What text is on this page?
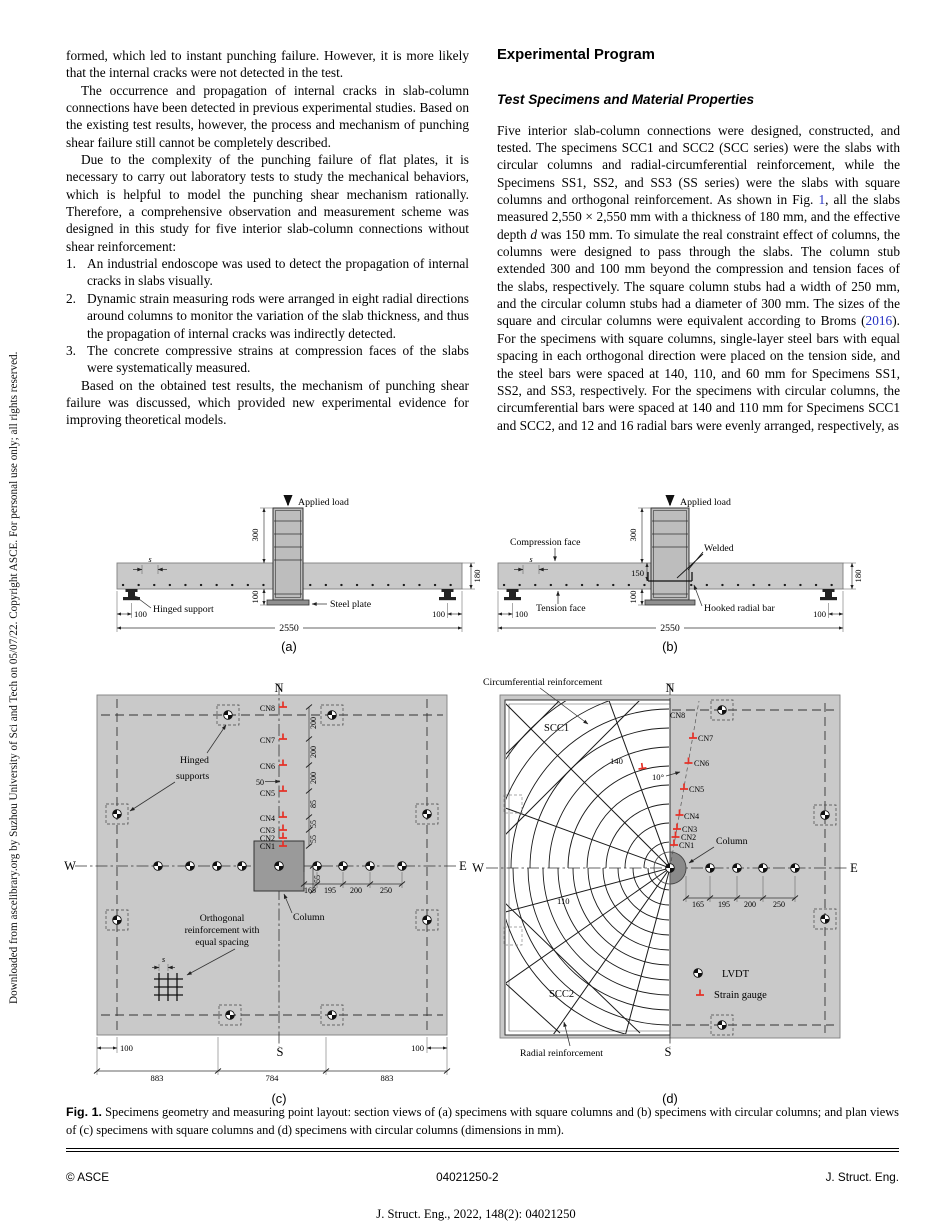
Downloaded from ascelibrary.org by Suzhou University of Sci and Tech on 05/07/22. Copyright ASCE. For personal use only; all rights reserved.

formed, which led to instant punching failure. However, it is more likely that the internal cracks were not detected in the test.

The occurrence and propagation of internal cracks in slab-column connections have been detected in previous experimental studies. Based on the existing test results, however, the process and mechanism of punching shear failure still cannot be completely described.

Due to the complexity of the punching failure of flat plates, it is necessary to carry out laboratory tests to study the mechanical behaviors, which is helpful to model the punching shear mechanism rationally. Therefore, a comprehensive observation and measurement scheme was designed in this study for five interior slab-column connections without shear reinforcement:

1. An industrial endoscope was used to detect the propagation of internal cracks in slabs visually.
2. Dynamic strain measuring rods were arranged in eight radial directions around columns to monitor the variation of the slab thickness, and thus the propagation of internal cracks was indirectly detected.
3. The concrete compressive strains at compression faces of the slabs were systematically measured.

Based on the obtained test results, the mechanism of punching shear failure was discussed, which provided new experimental evidence for improving theoretical models.

Experimental Program

Test Specimens and Material Properties

Five interior slab-column connections were designed, constructed, and tested. The specimens SCC1 and SCC2 (SCC series) were the slabs with circular columns and radial-circumferential reinforcement, while the Specimens SS1, SS2, and SS3 (SS series) were the slabs with square columns and orthogonal reinforcement. As shown in Fig. 1, all the slabs measured 2,550 × 2,550 mm with a thickness of 180 mm, and the effective depth d was 150 mm. To simulate the real constraint effect of columns, the columns were designed to pass through the slabs. The column stub extended 300 and 100 mm beyond the compression and tension faces of the slabs, respectively. The square column stubs had a width of 250 mm, and the circular column stubs had a diameter of 300 mm. The sizes of the square and circular columns were equivalent according to Broms (2016). For the specimens with square columns, single-layer steel bars with equal spacing in each orthogonal direction were placed on the tension side, and the steel bars were spaced at 140, 110, and 60 mm for Specimens SS1, SS2, and SS3, respectively. For the specimens with circular columns, the circumferential bars were spaced at 140 and 110 mm for Specimens SCC1 and SCC2, and 12 and 16 radial bars were evenly arranged, respectively, as

Applied load
300
100
180
100	100
2550
s
Hinged support	Steel plate
(a)
Applied load
Compression face
Tension face
Welded
Hooked radial bar
300
150
100
180
100	100
2550
s
(b)
CN8
CN7
CN6
CN5
CN4
CN3
CN2
CN1
200
200
200
85
55
55
55
50
165 195 200 250
Hinged
supports
Orthogonal
reinforcement with
equal spacing
s
Column
N
S
W	E
100	100
883	784	883
(c)
CN1
CN2
CN3
CN4
CN5
CN6
CN7
CN8
Circumferential reinforcement
SCC1
SCC2
140
110
10°
Radial reinforcement
Column
165 195 200 250
LVDT
Strain gauge
N
S
W	E
(d)
Fig. 1. Specimens geometry and measuring point layout: section views of (a) specimens with square columns and (b) specimens with circular columns; and plan views of (c) specimens with square columns and (d) specimens with circular columns (dimensions in mm).
© ASCE	04021250-2	J. Struct. Eng.
J. Struct. Eng., 2022, 148(2): 04021250
